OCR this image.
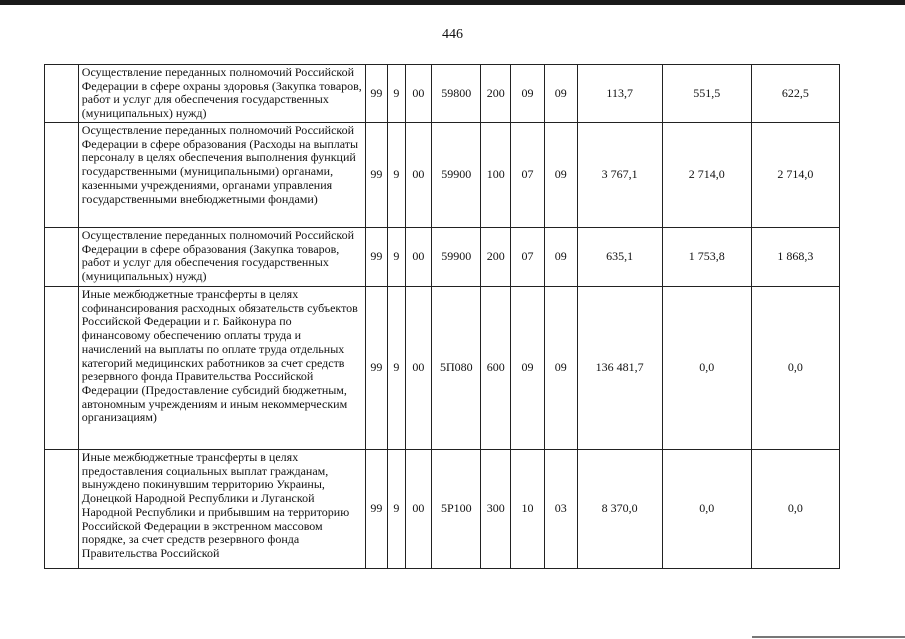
446
	Осуществление переданных полномочий Российской Федерации в сфере охраны здоровья (Закупка товаров, работ и услуг для обеспечения государственных (муниципальных) нужд)	99	9	00	59800	200	09	09	113,7	551,5	622,5
	Осуществление переданных полномочий Российской Федерации в сфере образования (Расходы на выплаты персоналу в целях обеспечения выполнения функций государственными (муниципальными) органами, казенными учреждениями, органами управления государственными внебюджетными фондами)	99	9	00	59900	100	07	09	3 767,1	2 714,0	2 714,0
	Осуществление переданных полномочий Российской Федерации в сфере образования (Закупка товаров, работ и услуг для обеспечения государственных (муниципальных) нужд)	99	9	00	59900	200	07	09	635,1	1 753,8	1 868,3
	Иные межбюджетные трансферты в целях софинансирования расходных обязательств субъектов Российской Федерации и г. Байконура по финансовому обеспечению оплаты труда и начислений на выплаты по оплате труда отдельных категорий медицинских работников за счет средств резервного фонда Правительства Российской Федерации (Предоставление субсидий бюджетным, автономным учреждениям и иным некоммерческим организациям)	99	9	00	5П080	600	09	09	136 481,7	0,0	0,0
	Иные межбюджетные трансферты в целях предоставления социальных выплат гражданам, вынуждено покинувшим территорию Украины, Донецкой Народной Республики и Луганской Народной Республики и прибывшим на территорию Российской Федерации в экстренном массовом порядке, за счет средств резервного фонда Правительства Российской	99	9	00	5Р100	300	10	03	8 370,0	0,0	0,0
